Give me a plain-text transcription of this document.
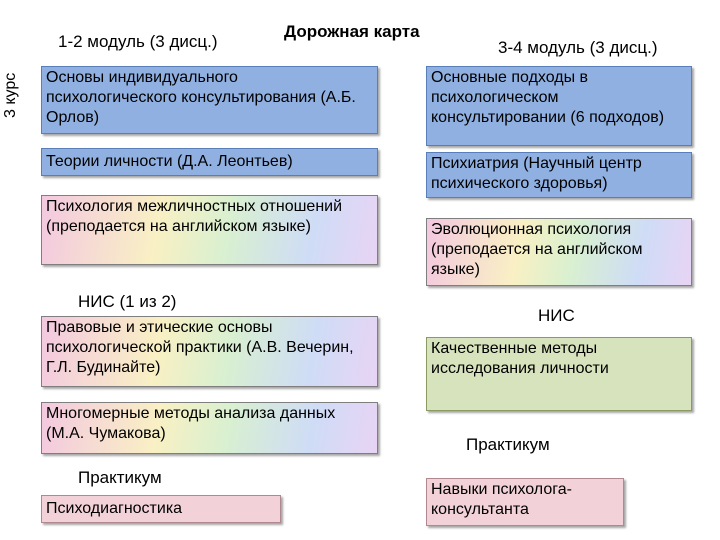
Дорожная карта
3 курс
1-2 модуль (3 дисц.)	3-4 модуль (3 дисц.)
Основы индивидуального психологического консультирования (А.Б. Орлов)
Теории личности (Д.А. Леонтьев)
Психология межличностных отношений (преподается на английском языке)
НИС (1 из 2)
Правовые и этические основы психологической практики (А.В. Вечерин, Г.Л. Будинайте)
Многомерные методы анализа данных (М.А. Чумакова)
Практикум
Психодиагностика
Основные подходы в психологическом консультировании (6 подходов)
Психиатрия (Научный центр психического здоровья)
Эволюционная психология (преподается на английском языке)
НИС
Качественные методы исследования личности
Практикум
Навыки психолога-консультанта
